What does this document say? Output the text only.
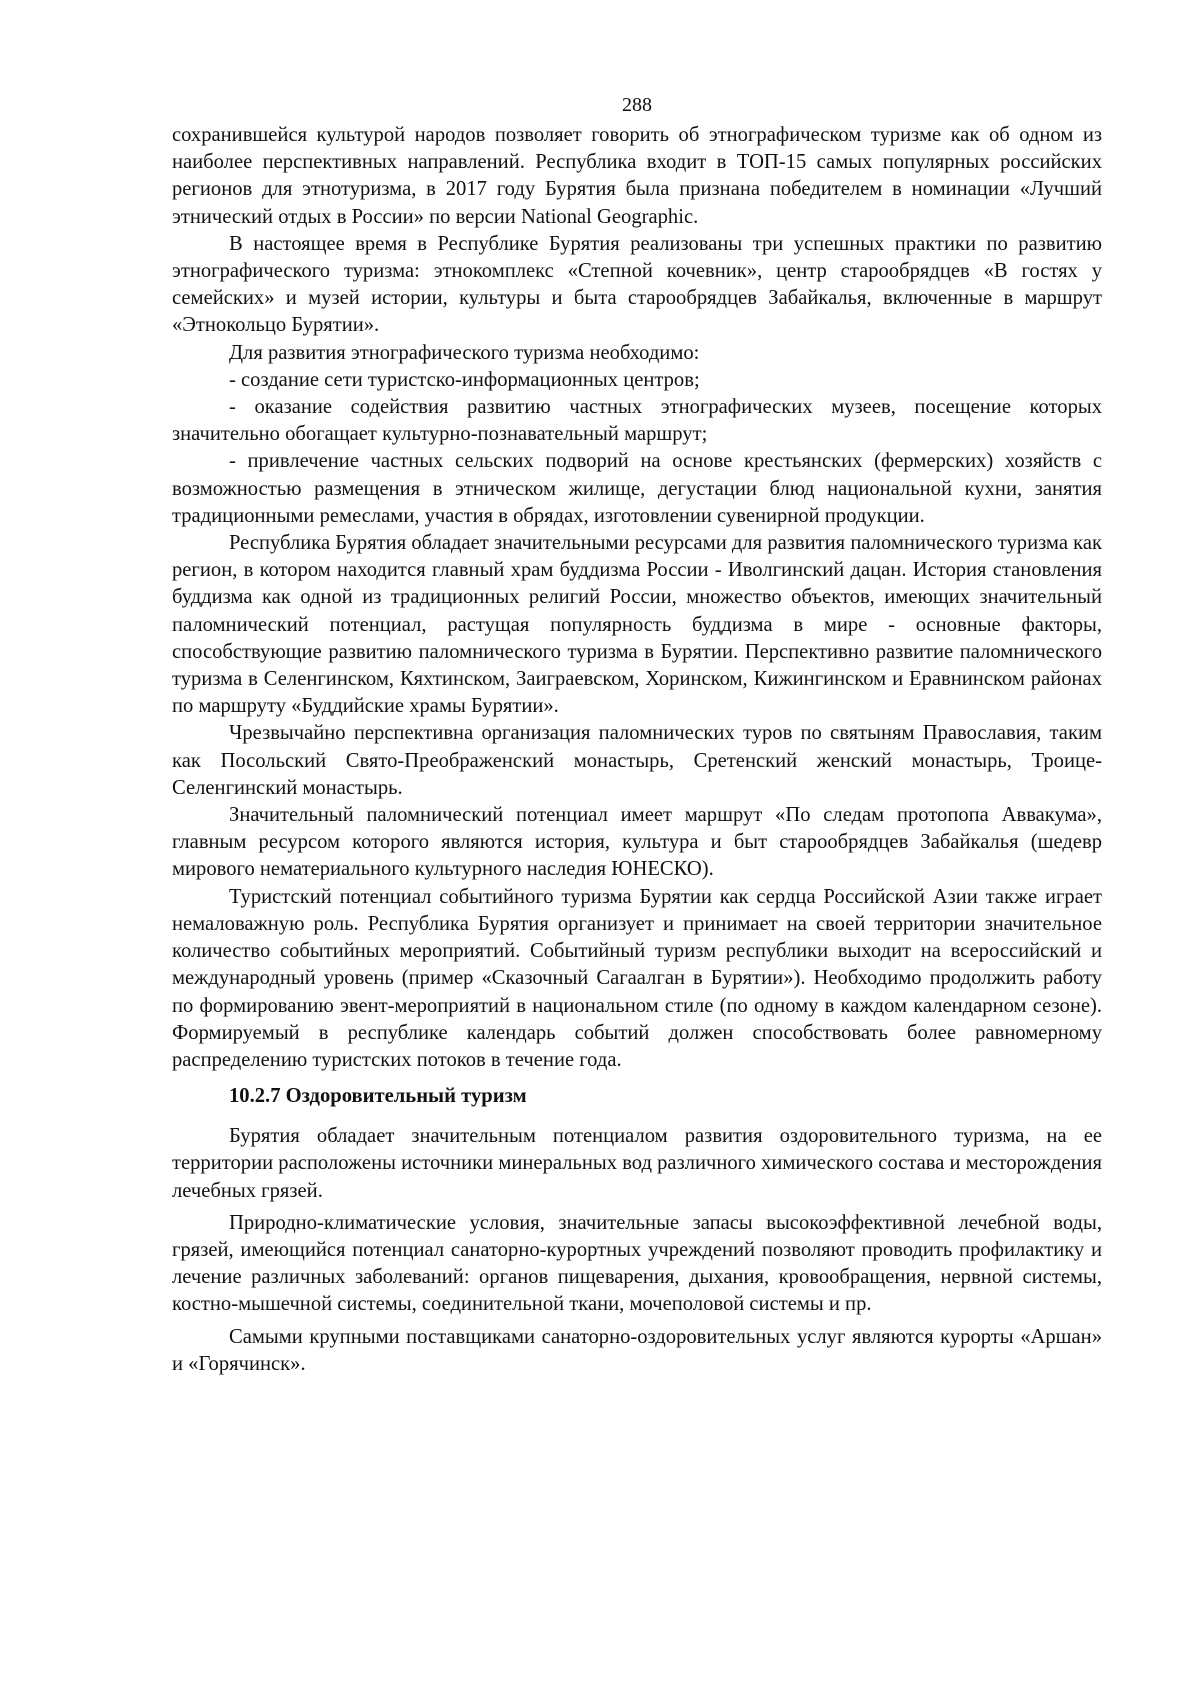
288

сохранившейся культурой народов позволяет говорить об этнографическом туризме как об одном из наиболее перспективных направлений. Республика входит в ТОП-15 самых популярных российских регионов для этнотуризма, в 2017 году Бурятия была признана победителем в номинации «Лучший этнический отдых в России» по версии National Geographic.

В настоящее время в Республике Бурятия реализованы три успешных практики по развитию этнографического туризма: этнокомплекс «Степной кочевник», центр старообрядцев «В гостях у семейских» и музей истории, культуры и быта старообрядцев Забайкалья, включенные в маршрут «Этнокольцо Бурятии».

Для развития этнографического туризма необходимо:

- создание сети туристско-информационных центров;

- оказание содействия развитию частных этнографических музеев, посещение которых значительно обогащает культурно-познавательный маршрут;

- привлечение частных сельских подворий на основе крестьянских (фермерских) хозяйств с возможностью размещения в этническом жилище, дегустации блюд национальной кухни, занятия традиционными ремеслами, участия в обрядах, изготовлении сувенирной продукции.

Республика Бурятия обладает значительными ресурсами для развития паломнического туризма как регион, в котором находится главный храм буддизма России - Иволгинский дацан. История становления буддизма как одной из традиционных религий России, множество объектов, имеющих значительный паломнический потенциал, растущая популярность буддизма в мире - основные факторы, способствующие развитию паломнического туризма в Бурятии. Перспективно развитие паломнического туризма в Селенгинском, Кяхтинском, Заиграевском, Хоринском, Кижингинском и Еравнинском районах по маршруту «Буддийские храмы Бурятии».

Чрезвычайно перспективна организация паломнических туров по святыням Православия, таким как Посольский Свято-Преображенский монастырь, Сретенский женский монастырь, Троице-Селенгинский монастырь.

Значительный паломнический потенциал имеет маршрут «По следам протопопа Аввакума», главным ресурсом которого являются история, культура и быт старообрядцев Забайкалья (шедевр мирового нематериального культурного наследия ЮНЕСКО).

Туристский потенциал событийного туризма Бурятии как сердца Российской Азии также играет немаловажную роль. Республика Бурятия организует и принимает на своей территории значительное количество событийных мероприятий. Событийный туризм республики выходит на всероссийский и международный уровень (пример «Сказочный Сагаалган в Бурятии»). Необходимо продолжить работу по формированию эвент-мероприятий в национальном стиле (по одному в каждом календарном сезоне). Формируемый в республике календарь событий должен способствовать более равномерному распределению туристских потоков в течение года.

10.2.7 Оздоровительный туризм

Бурятия обладает значительным потенциалом развития оздоровительного туризма, на ее территории расположены источники минеральных вод различного химического состава и месторождения лечебных грязей.

Природно-климатические условия, значительные запасы высокоэффективной лечебной воды, грязей, имеющийся потенциал санаторно-курортных учреждений позволяют проводить профилактику и лечение различных заболеваний: органов пищеварения, дыхания, кровообращения, нервной системы, костно-мышечной системы, соединительной ткани, мочеполовой системы и пр.

Самыми крупными поставщиками санаторно-оздоровительных услуг являются курорты «Аршан» и «Горячинск».
